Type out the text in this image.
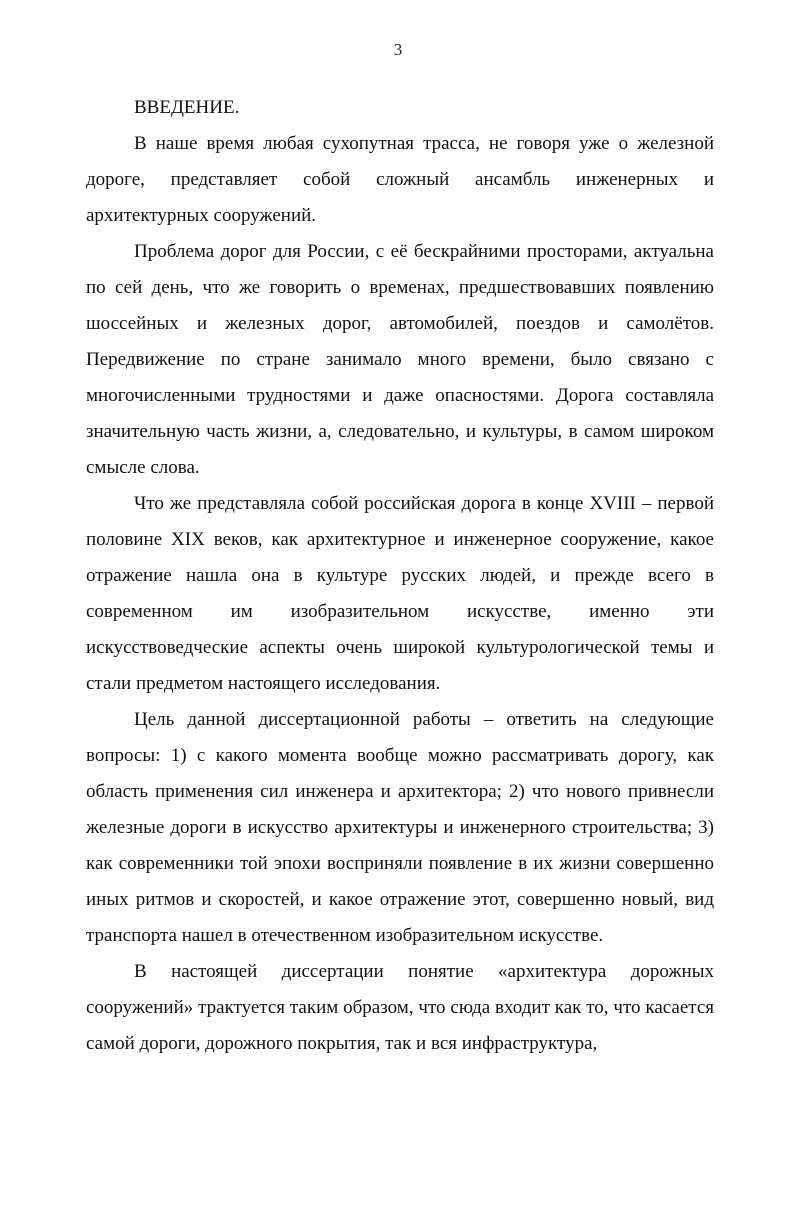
3

ВВЕДЕНИЕ.

В наше время любая сухопутная трасса, не говоря уже о железной дороге, представляет собой сложный ансамбль инженерных и архитектурных сооружений.

Проблема дорог для России, с её бескрайними просторами, актуальна по сей день, что же говорить о временах, предшествовавших появлению шоссейных и железных дорог, автомобилей, поездов и самолётов. Передвижение по стране занимало много времени, было связано с многочисленными трудностями и даже опасностями. Дорога составляла значительную часть жизни, а, следовательно, и культуры, в самом широком смысле слова.

Что же представляла собой российская дорога в конце XVIII – первой половине XIX веков, как архитектурное и инженерное сооружение, какое отражение нашла она в культуре русских людей, и прежде всего в современном им изобразительном искусстве, именно эти искусствоведческие аспекты очень широкой культурологической темы и стали предметом настоящего исследования.

Цель данной диссертационной работы – ответить на следующие вопросы: 1) с какого момента вообще можно рассматривать дорогу, как область применения сил инженера и архитектора; 2) что нового привнесли железные дороги в искусство архитектуры и инженерного строительства; 3) как современники той эпохи восприняли появление в их жизни совершенно иных ритмов и скоростей, и какое отражение этот, совершенно новый, вид транспорта нашел в отечественном изобразительном искусстве.

В настоящей диссертации понятие «архитектура дорожных сооружений» трактуется таким образом, что сюда входит как то, что касается самой дороги, дорожного покрытия, так и вся инфраструктура,
